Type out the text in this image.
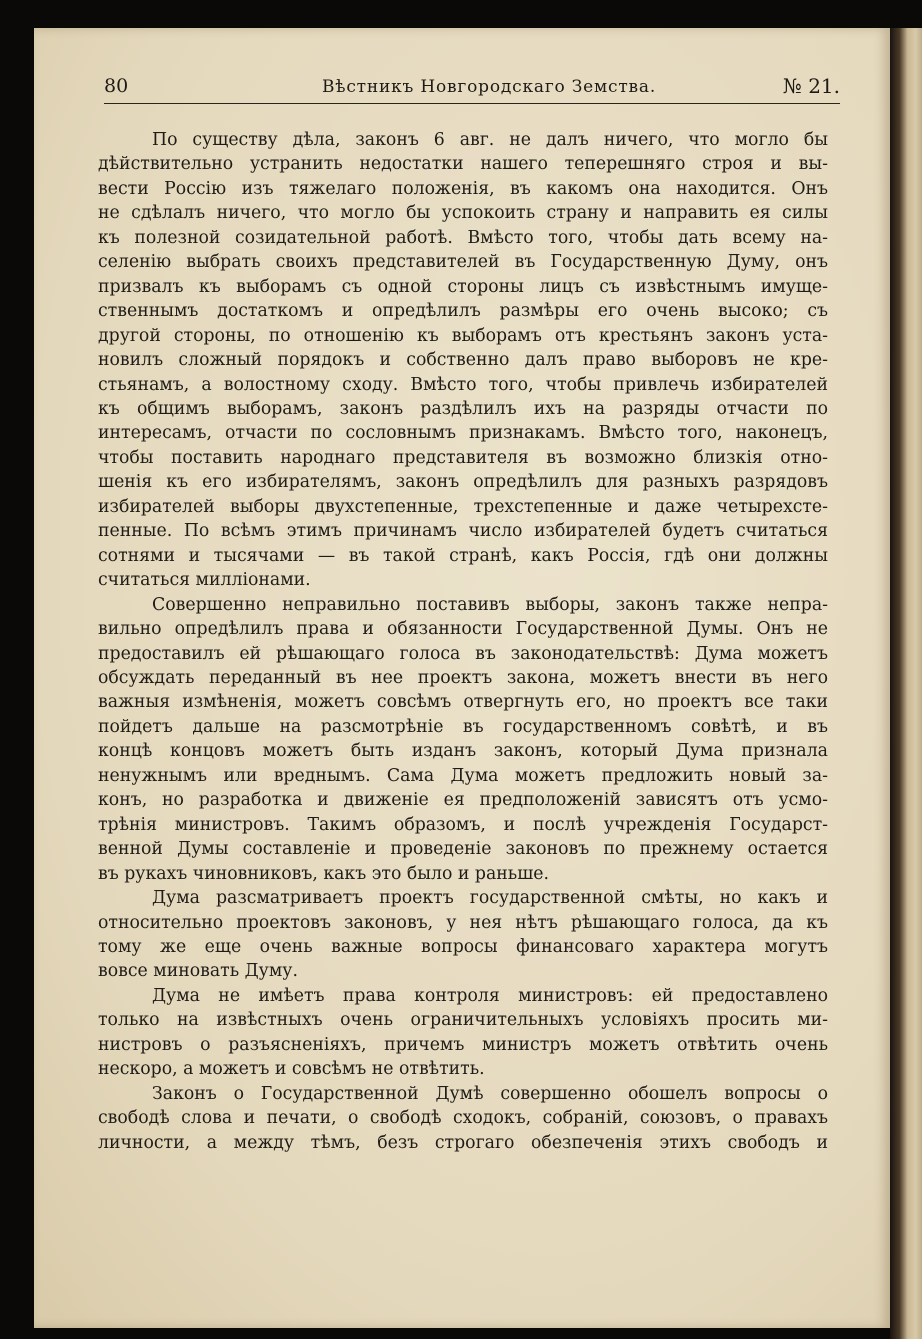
80	Вѣстникъ Новгородскаго Земства.	№ 21.
По существу дѣла, законъ 6 авг. не далъ ничего, что могло бы
дѣйствительно устранить недостатки нашего теперешняго строя и вы-
вести Россію изъ тяжелаго положенія, въ какомъ она находится. Онъ
не сдѣлалъ ничего, что могло бы успокоить страну и направить ея силы
къ полезной созидательной работѣ. Вмѣсто того, чтобы дать всему на-
селенію выбрать своихъ представителей въ Государственную Думу, онъ
призвалъ къ выборамъ съ одной стороны лицъ съ извѣстнымъ имуще-
ственнымъ достаткомъ и опредѣлилъ размѣры его очень высоко; съ
другой стороны, по отношенію къ выборамъ отъ крестьянъ законъ уста-
новилъ сложный порядокъ и собственно далъ право выборовъ не кре-
стьянамъ, а волостному сходу. Вмѣсто того, чтобы привлечь избирателей
къ общимъ выборамъ, законъ раздѣлилъ ихъ на разряды отчасти по
интересамъ, отчасти по сословнымъ признакамъ. Вмѣсто того, наконецъ,
чтобы поставить народнаго представителя въ возможно близкія отно-
шенія къ его избирателямъ, законъ опредѣлилъ для разныхъ разрядовъ
избирателей выборы двухстепенные, трехстепенные и даже четырехсте-
пенные. По всѣмъ этимъ причинамъ число избирателей будетъ считаться
сотнями и тысячами — въ такой странѣ, какъ Россія, гдѣ они должны
считаться милліонами.
Совершенно неправильно поставивъ выборы, законъ также непра-
вильно опредѣлилъ права и обязанности Государственной Думы. Онъ не
предоставилъ ей рѣшающаго голоса въ законодательствѣ: Дума можетъ
обсуждать переданный въ нее проектъ закона, можетъ внести въ него
важныя измѣненія, можетъ совсѣмъ отвергнуть его, но проектъ все таки
пойдетъ дальше на разсмотрѣніе въ государственномъ совѣтѣ, и въ
концѣ концовъ можетъ быть изданъ законъ, который Дума признала
ненужнымъ или вреднымъ. Сама Дума можетъ предложить новый за-
конъ, но разработка и движеніе ея предположеній зависятъ отъ усмо-
трѣнія министровъ. Такимъ образомъ, и послѣ учрежденія Государст-
венной Думы составленіе и проведеніе законовъ по прежнему остается
въ рукахъ чиновниковъ, какъ это было и раньше.
Дума разсматриваетъ проектъ государственной смѣты, но какъ и
относительно проектовъ законовъ, у нея нѣтъ рѣшающаго голоса, да къ
тому же еще очень важные вопросы финансоваго характера могутъ
вовсе миновать Думу.
Дума не имѣетъ права контроля министровъ: ей предоставлено
только на извѣстныхъ очень ограничительныхъ условіяхъ просить ми-
нистровъ о разъясненіяхъ, причемъ министръ можетъ отвѣтить очень
нескоро, а можетъ и совсѣмъ не отвѣтить.
Законъ о Государственной Думѣ совершенно обошелъ вопросы о
свободѣ слова и печати, о свободѣ сходокъ, собраній, союзовъ, о правахъ
личности, а между тѣмъ, безъ строгаго обезпеченія этихъ свободъ и
